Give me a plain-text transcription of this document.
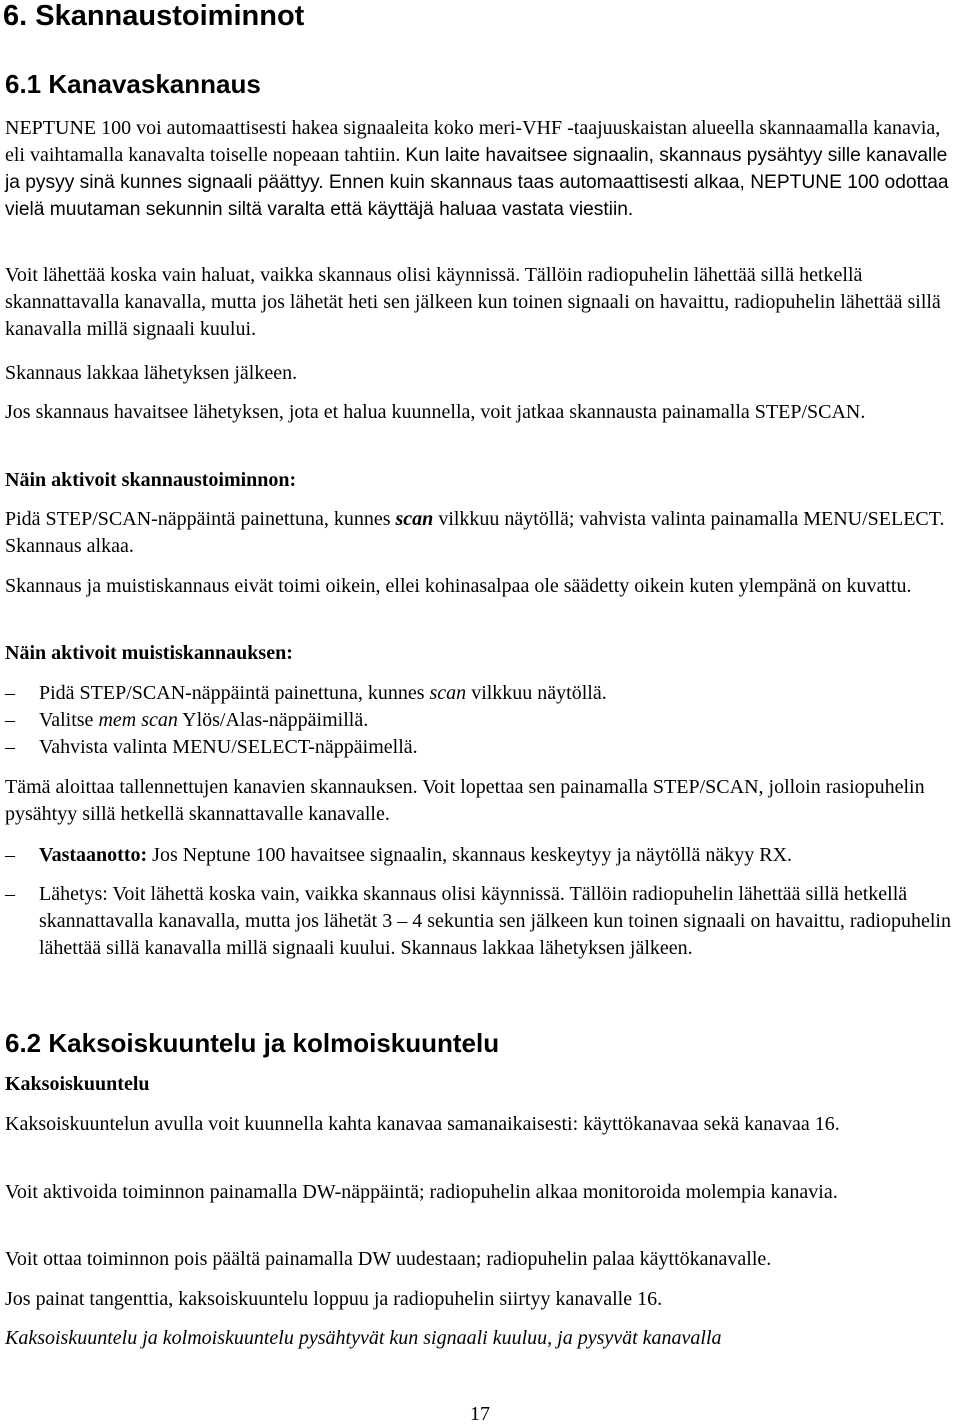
6. Skannaustoiminnot
6.1 Kanavaskannaus

NEPTUNE 100 voi automaattisesti hakea signaaleita koko meri-VHF -taajuuskaistan alueella skannaamalla kanavia, eli vaihtamalla kanavalta toiselle nopeaan tahtiin. Kun laite havaitsee signaalin, skannaus pysähtyy sille kanavalle ja pysyy sinä kunnes signaali päättyy. Ennen kuin skannaus taas automaattisesti alkaa, NEPTUNE 100 odottaa vielä muutaman sekunnin siltä varalta että käyttäjä haluaa vastata viestiin.

Voit lähettää koska vain haluat, vaikka skannaus olisi käynnissä. Tällöin radiopuhelin lähettää sillä hetkellä skannattavalla kanavalla, mutta jos lähetät heti sen jälkeen kun toinen signaali on havaittu, radiopuhelin lähettää sillä kanavalla millä signaali kuului.

Skannaus lakkaa lähetyksen jälkeen.

Jos skannaus havaitsee lähetyksen, jota et halua kuunnella, voit jatkaa skannausta painamalla STEP/SCAN.

Näin aktivoit skannaustoiminnon:

Pidä STEP/SCAN-näppäintä painettuna, kunnes scan vilkkuu näytöllä; vahvista valinta painamalla MENU/SELECT. Skannaus alkaa.

Skannaus ja muistiskannaus eivät toimi oikein, ellei kohinasalpaa ole säädetty oikein kuten ylempänä on kuvattu.

Näin aktivoit muistiskannauksen:

– Pidä STEP/SCAN-näppäintä painettuna, kunnes scan vilkkuu näytöllä.
– Valitse mem scan Ylös/Alas-näppäimillä.
– Vahvista valinta MENU/SELECT-näppäimellä.

Tämä aloittaa tallennettujen kanavien skannauksen. Voit lopettaa sen painamalla STEP/SCAN, jolloin rasiopuhelin pysähtyy sillä hetkellä skannattavalle kanavalle.

– Vastaanotto: Jos Neptune 100 havaitsee signaalin, skannaus keskeytyy ja näytöllä näkyy RX.
– Lähetys: Voit lähettä koska vain, vaikka skannaus olisi käynnissä. Tällöin radiopuhelin lähettää sillä hetkellä skannattavalla kanavalla, mutta jos lähetät 3 – 4 sekuntia sen jälkeen kun toinen signaali on havaittu, radiopuhelin lähettää sillä kanavalla millä signaali kuului. Skannaus lakkaa lähetyksen jälkeen.
6.2 Kaksoiskuuntelu ja kolmoiskuuntelu

Kaksoiskuuntelu

Kaksoiskuuntelun avulla voit kuunnella kahta kanavaa samanaikaisesti: käyttökanavaa sekä kanavaa 16.

Voit aktivoida toiminnon painamalla DW-näppäintä; radiopuhelin alkaa monitoroida molempia kanavia.

Voit ottaa toiminnon pois päältä painamalla DW uudestaan; radiopuhelin palaa käyttökanavalle.

Jos painat tangenttia, kaksoiskuuntelu loppuu ja radiopuhelin siirtyy kanavalle 16.

Kaksoiskuuntelu ja kolmoiskuuntelu pysähtyvät kun signaali kuuluu, ja pysyvät kanavalla

17
